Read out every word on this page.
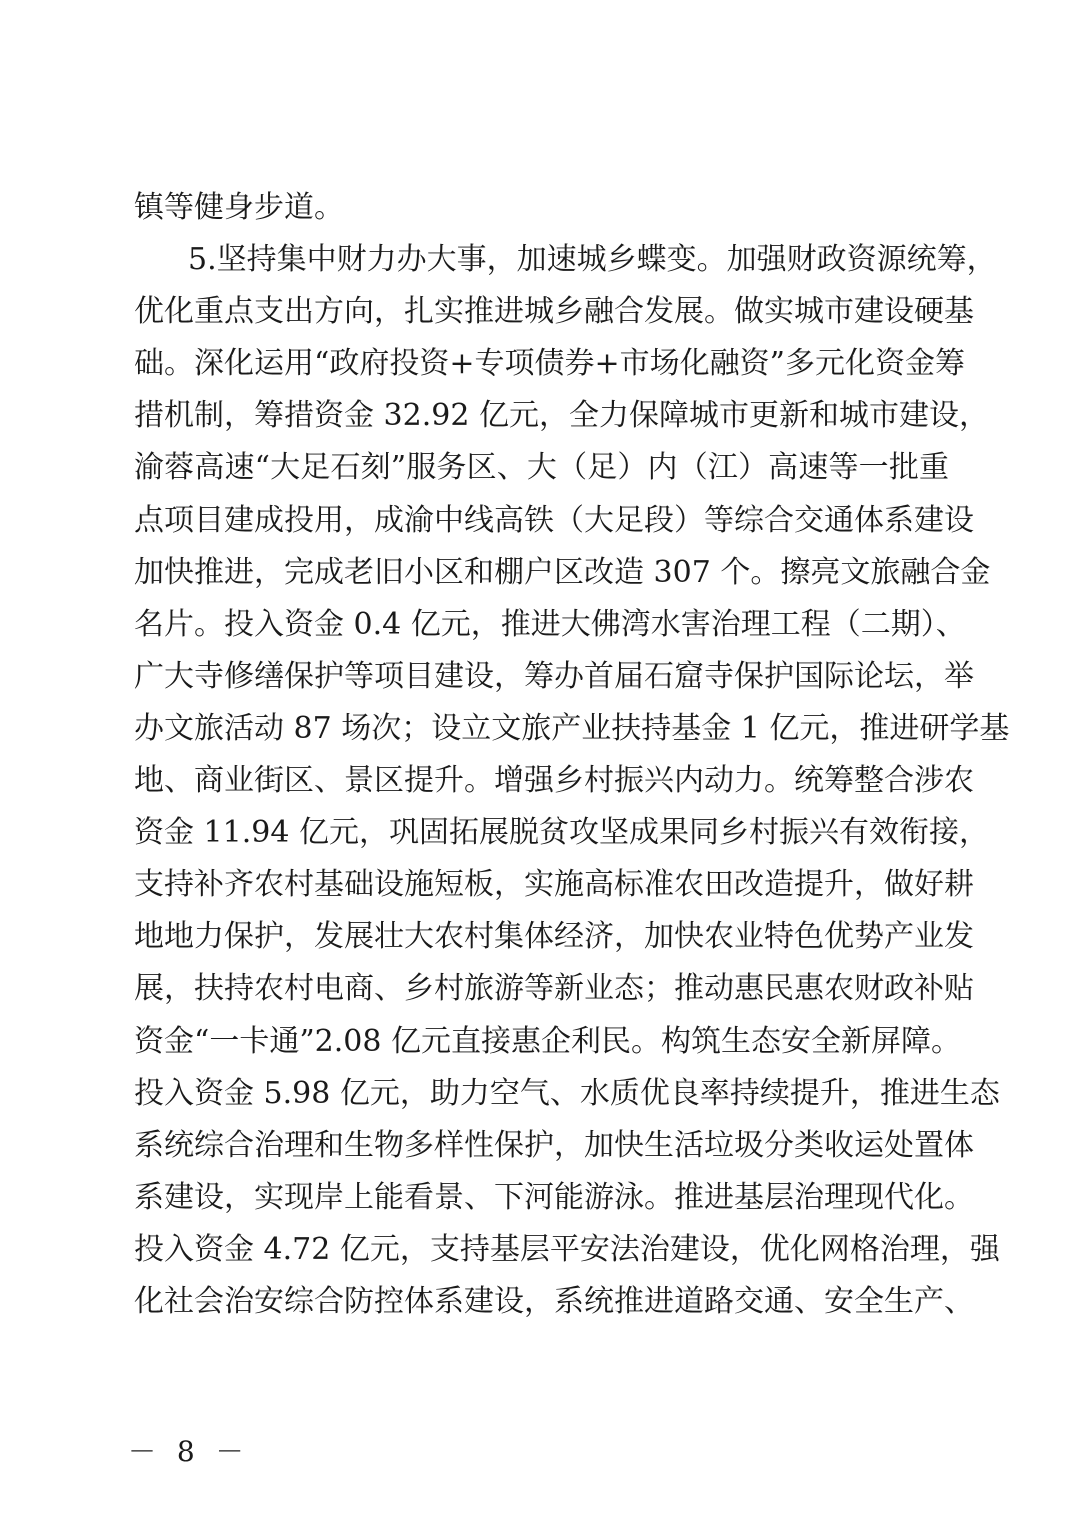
镇等健身步道。
5.坚持集中财力办大事，加速城乡蝶变。加强财政资源统筹，
优化重点支出方向，扎实推进城乡融合发展。做实城市建设硬基
础。深化运用“政府投资+专项债券+市场化融资”多元化资金筹
措机制，筹措资金 32.92 亿元，全力保障城市更新和城市建设，
渝蓉高速“大足石刻”服务区、大（足）内（江）高速等一批重
点项目建成投用，成渝中线高铁（大足段）等综合交通体系建设
加快推进，完成老旧小区和棚户区改造 307 个。擦亮文旅融合金
名片。投入资金 0.4 亿元，推进大佛湾水害治理工程（二期）、
广大寺修缮保护等项目建设，筹办首届石窟寺保护国际论坛，举
办文旅活动 87 场次；设立文旅产业扶持基金 1 亿元，推进研学基
地、商业街区、景区提升。增强乡村振兴内动力。统筹整合涉农
资金 11.94 亿元，巩固拓展脱贫攻坚成果同乡村振兴有效衔接，
支持补齐农村基础设施短板，实施高标准农田改造提升，做好耕
地地力保护，发展壮大农村集体经济，加快农业特色优势产业发
展，扶持农村电商、乡村旅游等新业态；推动惠民惠农财政补贴
资金“一卡通”2.08 亿元直接惠企利民。构筑生态安全新屏障。
投入资金 5.98 亿元，助力空气、水质优良率持续提升，推进生态
系统综合治理和生物多样性保护，加快生活垃圾分类收运处置体
系建设，实现岸上能看景、下河能游泳。推进基层治理现代化。
投入资金 4.72 亿元，支持基层平安法治建设，优化网格治理，强
化社会治安综合防控体系建设，系统推进道路交通、安全生产、
－ 8 －
